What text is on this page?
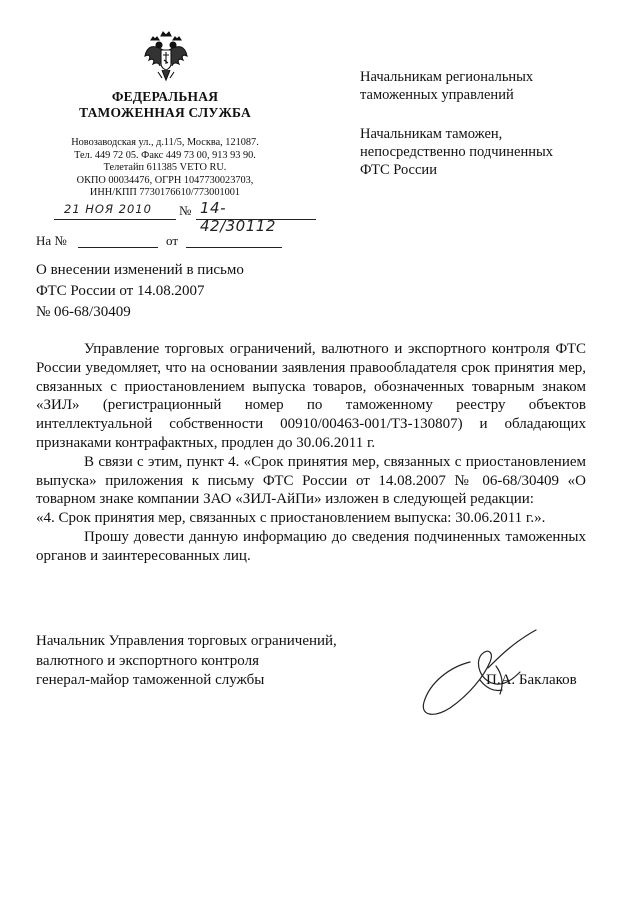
ФЕДЕРАЛЬНАЯ
ТАМОЖЕННАЯ СЛУЖБА
Новозаводская ул., д.11/5, Москва, 121087.
Тел. 449 72 05. Факс 449 73 00, 913 93 90.
Телетайп 611385 VETO RU.
ОКПО 00034476, ОГРН 1047730023703,
ИНН/КПП 7730176610/773001001
21 НОЯ 2010	№ 14-42/30112
На №	от
Начальникам региональных
таможенных управлений
Начальникам таможен,
непосредственно подчиненных
ФТС России
О внесении изменений в письмо
ФТС России от 14.08.2007
№ 06-68/30409

Управление торговых ограничений, валютного и экспортного контроля ФТС России уведомляет, что на основании заявления правообладателя срок принятия мер, связанных с приостановлением выпуска товаров, обозначенных товарным знаком «ЗИЛ» (регистрационный номер по таможенному реестру объектов интеллектуальной собственности 00910/00463-001/ТЗ-130807) и обладающих признаками контрафактных, продлен до 30.06.2011 г.

В связи с этим, пункт 4. «Срок принятия мер, связанных с приостановлением выпуска» приложения к письму ФТС России от 14.08.2007 № 06-68/30409 «О товарном знаке компании ЗАО «ЗИЛ-АйПи» изложен в следующей редакции:

«4. Срок принятия мер, связанных с приостановлением выпуска: 30.06.2011 г.».

Прошу довести данную информацию до сведения подчиненных таможенных органов и заинтересованных лиц.

Начальник Управления торговых ограничений,
валютного и экспортного контроля
генерал-майор таможенной службы	П.А. Баклаков
